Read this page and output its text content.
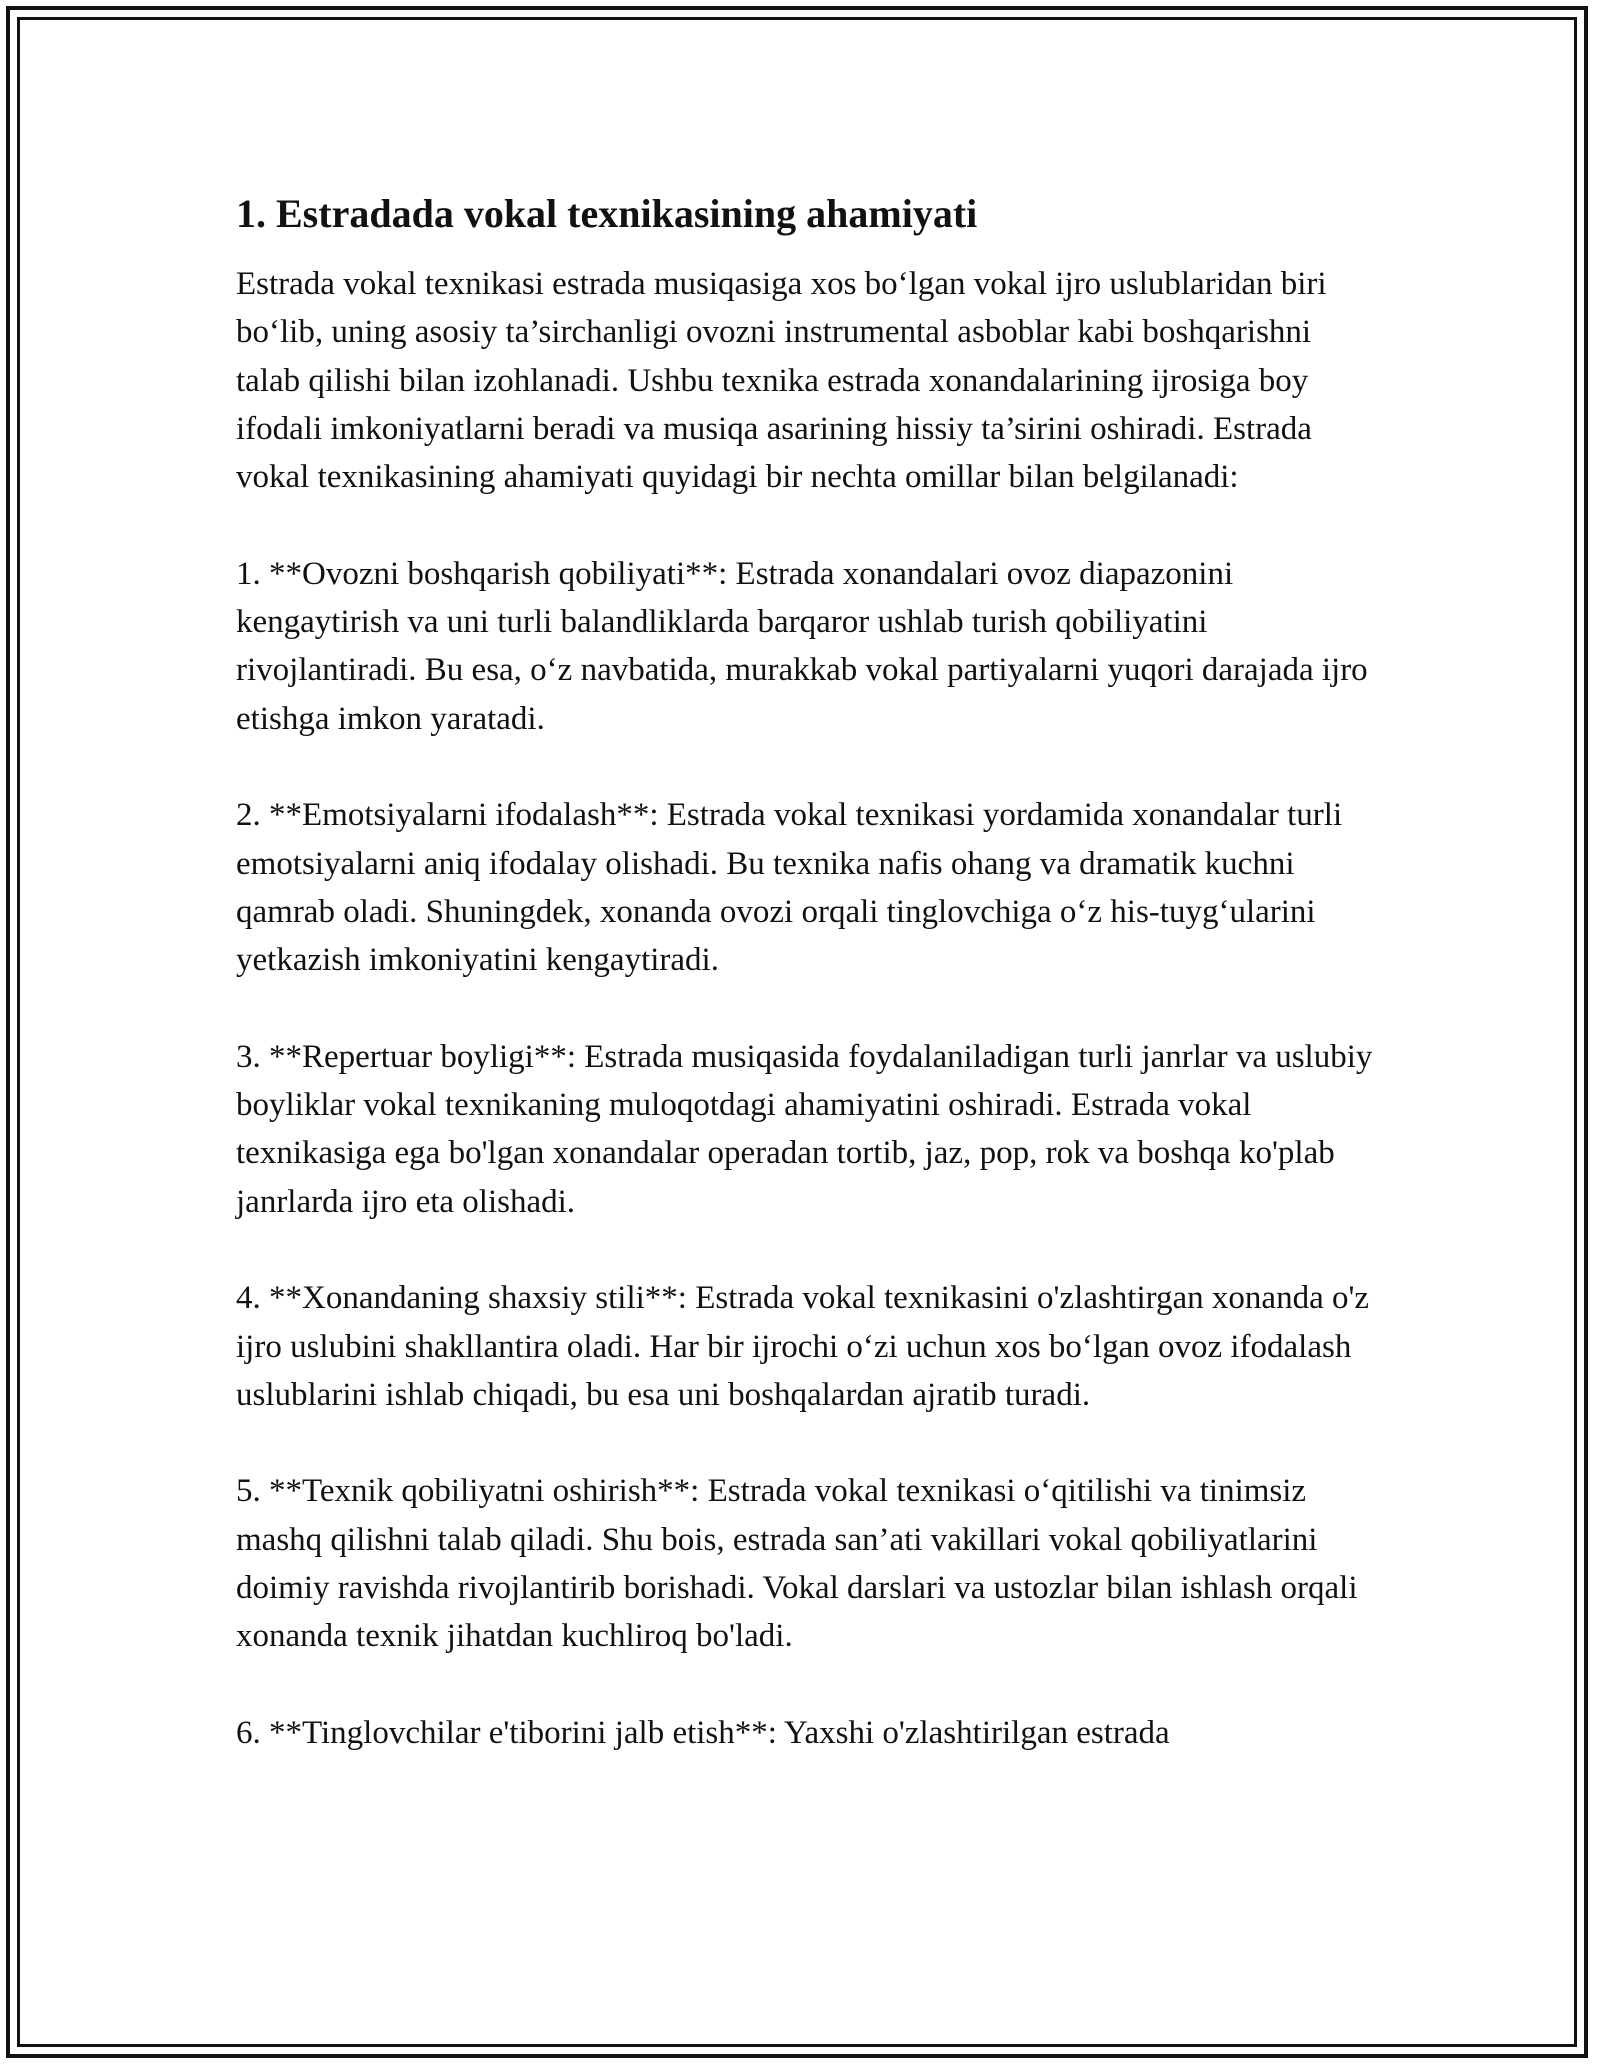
1. Estradada vokal texnikasining ahamiyati

Estrada vokal texnikasi estrada musiqasiga xos bo‘lgan vokal ijro uslublaridan biri bo‘lib, uning asosiy ta’sirchanligi ovozni instrumental asboblar kabi boshqarishni talab qilishi bilan izohlanadi. Ushbu texnika estrada xonandalarining ijrosiga boy ifodali imkoniyatlarni beradi va musiqa asarining hissiy ta’sirini oshiradi. Estrada vokal texnikasining ahamiyati quyidagi bir nechta omillar bilan belgilanadi:

1. **Ovozni boshqarish qobiliyati**: Estrada xonandalari ovoz diapazonini kengaytirish va uni turli balandliklarda barqaror ushlab turish qobiliyatini rivojlantiradi. Bu esa, o‘z navbatida, murakkab vokal partiyalarni yuqori darajada ijro etishga imkon yaratadi.

2. **Emotsiyalarni ifodalash**: Estrada vokal texnikasi yordamida xonandalar turli emotsiyalarni aniq ifodalay olishadi. Bu texnika nafis ohang va dramatik kuchni qamrab oladi. Shuningdek, xonanda ovozi orqali tinglovchiga o‘z his-tuyg‘ularini yetkazish imkoniyatini kengaytiradi.

3. **Repertuar boyligi**: Estrada musiqasida foydalaniladigan turli janrlar va uslubiy boyliklar vokal texnikaning muloqotdagi ahamiyatini oshiradi. Estrada vokal texnikasiga ega bo'lgan xonandalar operadan tortib, jaz, pop, rok va boshqa ko'plab janrlarda ijro eta olishadi.

4. **Xonandaning shaxsiy stili**: Estrada vokal texnikasini o'zlashtirgan xonanda o'z ijro uslubini shakllantira oladi. Har bir ijrochi o‘zi uchun xos bo‘lgan ovoz ifodalash uslublarini ishlab chiqadi, bu esa uni boshqalardan ajratib turadi.

5. **Texnik qobiliyatni oshirish**: Estrada vokal texnikasi o‘qitilishi va tinimsiz mashq qilishni talab qiladi. Shu bois, estrada san’ati vakillari vokal qobiliyatlarini doimiy ravishda rivojlantirib borishadi. Vokal darslari va ustozlar bilan ishlash orqali xonanda texnik jihatdan kuchliroq bo'ladi.

6. **Tinglovchilar e'tiborini jalb etish**: Yaxshi o'zlashtirilgan estrada
